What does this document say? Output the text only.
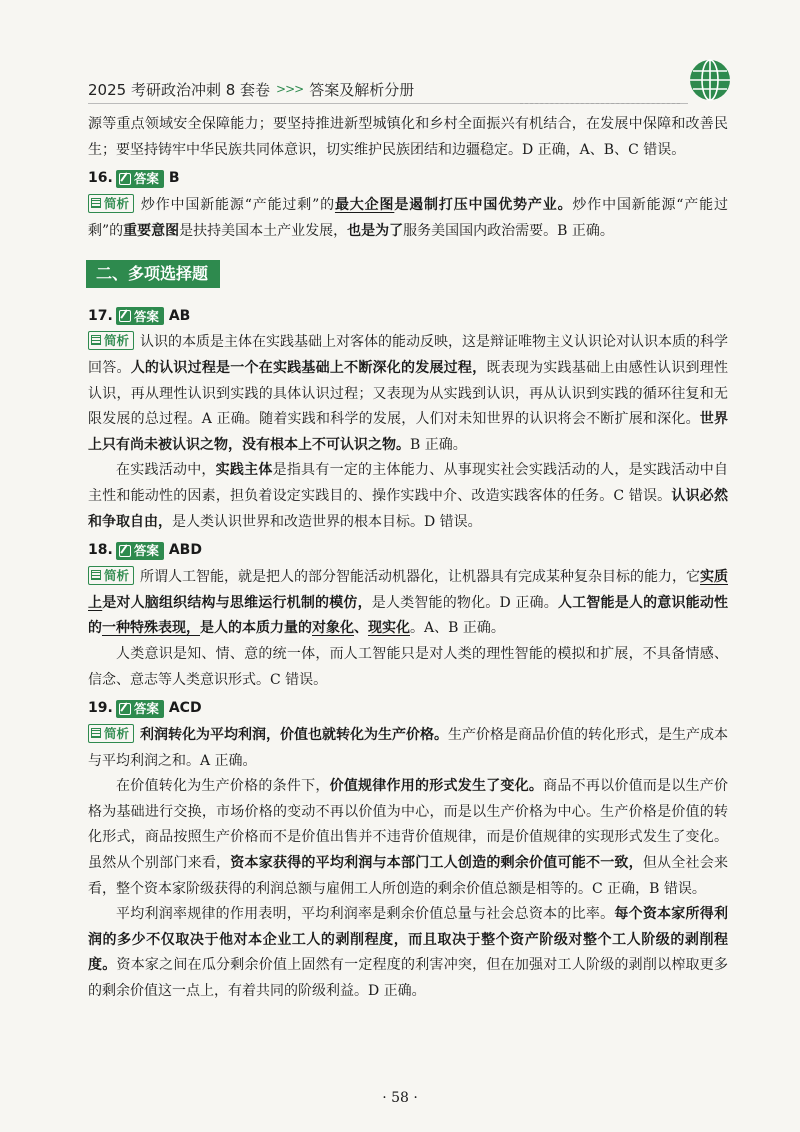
2025 考研政治冲刺 8 套卷 >>> 答案及解析分册

源等重点领域安全保障能力；要坚持推进新型城镇化和乡村全面振兴有机结合，在发展中保障和改善民生；要坚持铸牢中华民族共同体意识，切实维护民族团结和边疆稳定。D 正确，A、B、C 错误。

16. 答案 B

简析 炒作中国新能源“产能过剩”的最大企图是遏制打压中国优势产业。炒作中国新能源“产能过剩”的重要意图是扶持美国本土产业发展，也是为了服务美国国内政治需要。B 正确。

二、多项选择题
17. 答案 AB

简析 认识的本质是主体在实践基础上对客体的能动反映，这是辩证唯物主义认识论对认识本质的科学回答。人的认识过程是一个在实践基础上不断深化的发展过程，既表现为实践基础上由感性认识到理性认识，再从理性认识到实践的具体认识过程；又表现为从实践到认识，再从认识到实践的循环往复和无限发展的总过程。A 正确。随着实践和科学的发展，人们对未知世界的认识将会不断扩展和深化。世界上只有尚未被认识之物，没有根本上不可认识之物。B 正确。

在实践活动中，实践主体是指具有一定的主体能力、从事现实社会实践活动的人，是实践活动中自主性和能动性的因素，担负着设定实践目的、操作实践中介、改造实践客体的任务。C 错误。认识必然和争取自由，是人类认识世界和改造世界的根本目标。D 错误。

18. 答案 ABD

简析 所谓人工智能，就是把人的部分智能活动机器化，让机器具有完成某种复杂目标的能力，它实质上是对人脑组织结构与思维运行机制的模仿，是人类智能的物化。D 正确。人工智能是人的意识能动性的一种特殊表现，是人的本质力量的对象化、现实化。A、B 正确。

人类意识是知、情、意的统一体，而人工智能只是对人类的理性智能的模拟和扩展，不具备情感、信念、意志等人类意识形式。C 错误。

19. 答案 ACD

简析 利润转化为平均利润，价值也就转化为生产价格。生产价格是商品价值的转化形式，是生产成本与平均利润之和。A 正确。

在价值转化为生产价格的条件下，价值规律作用的形式发生了变化。商品不再以价值而是以生产价格为基础进行交换，市场价格的变动不再以价值为中心，而是以生产价格为中心。生产价格是价值的转化形式，商品按照生产价格而不是价值出售并不违背价值规律，而是价值规律的实现形式发生了变化。虽然从个别部门来看，资本家获得的平均利润与本部门工人创造的剩余价值可能不一致，但从全社会来看，整个资本家阶级获得的利润总额与雇佣工人所创造的剩余价值总额是相等的。C 正确，B 错误。

平均利润率规律的作用表明，平均利润率是剩余价值总量与社会总资本的比率。每个资本家所得利润的多少不仅取决于他对本企业工人的剥削程度，而且取决于整个资产阶级对整个工人阶级的剥削程度。资本家之间在瓜分剩余价值上固然有一定程度的利害冲突，但在加强对工人阶级的剥削以榨取更多的剩余价值这一点上，有着共同的阶级利益。D 正确。

· 58 ·
